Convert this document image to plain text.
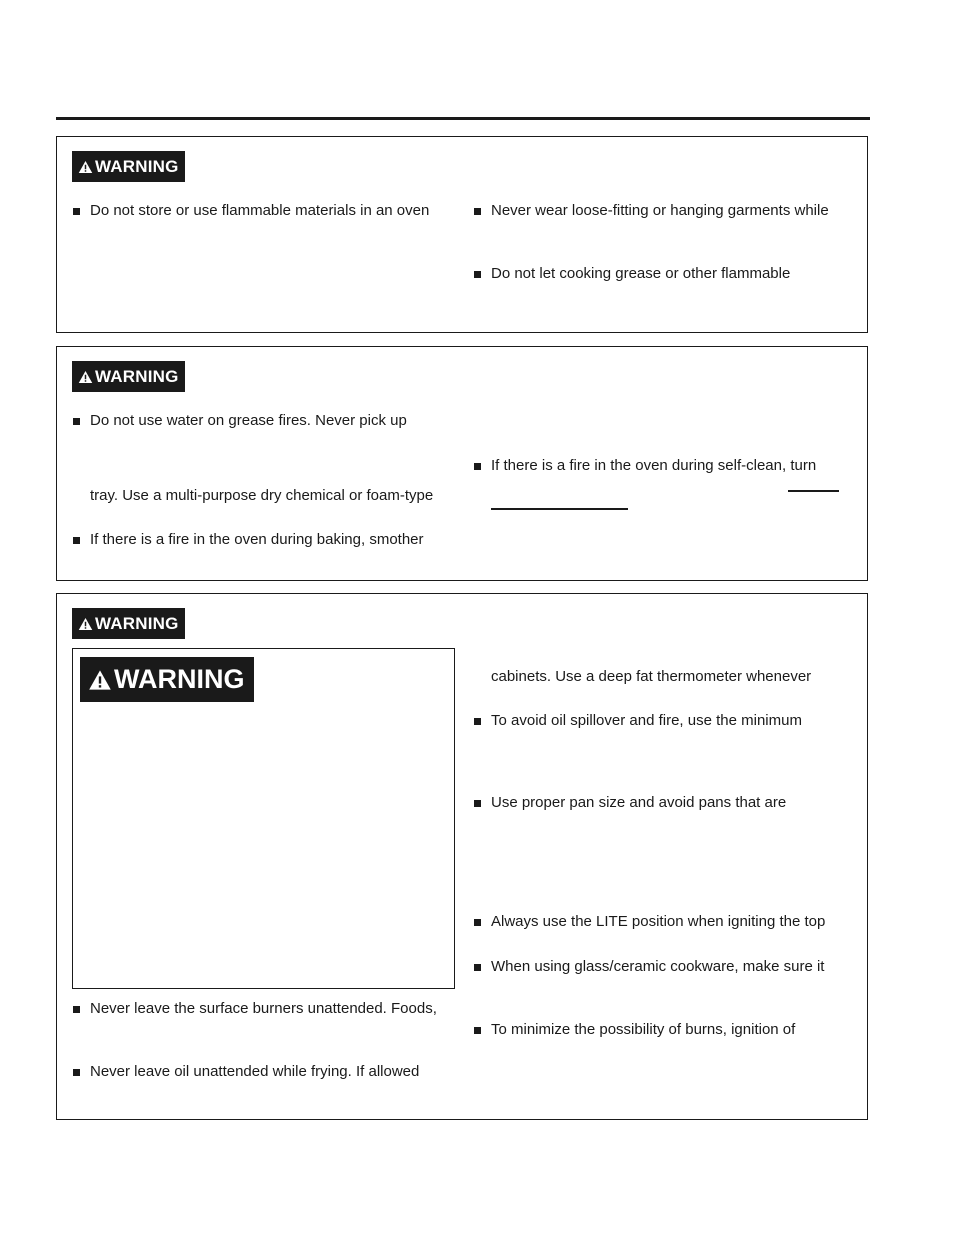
WARNING
Do not store or use flammable materials in an oven	Never wear loose-fitting or hanging garments while
Do not let cooking grease or other flammable
WARNING
Do not use water on grease fires. Never pick up
tray. Use a multi-purpose dry chemical or foam-type
If there is a fire in the oven during baking, smother
If there is a fire in the oven during self-clean, turn
WARNING
WARNING	cabinets. Use a deep fat thermometer whenever
To avoid oil spillover and fire, use the minimum
Use proper pan size and avoid pans that are
Always use the LITE position when igniting the top
When using glass/ceramic cookware, make sure it
To minimize the possibility of burns, ignition of
Never leave the surface burners unattended. Foods,
Never leave oil unattended while frying. If allowed
